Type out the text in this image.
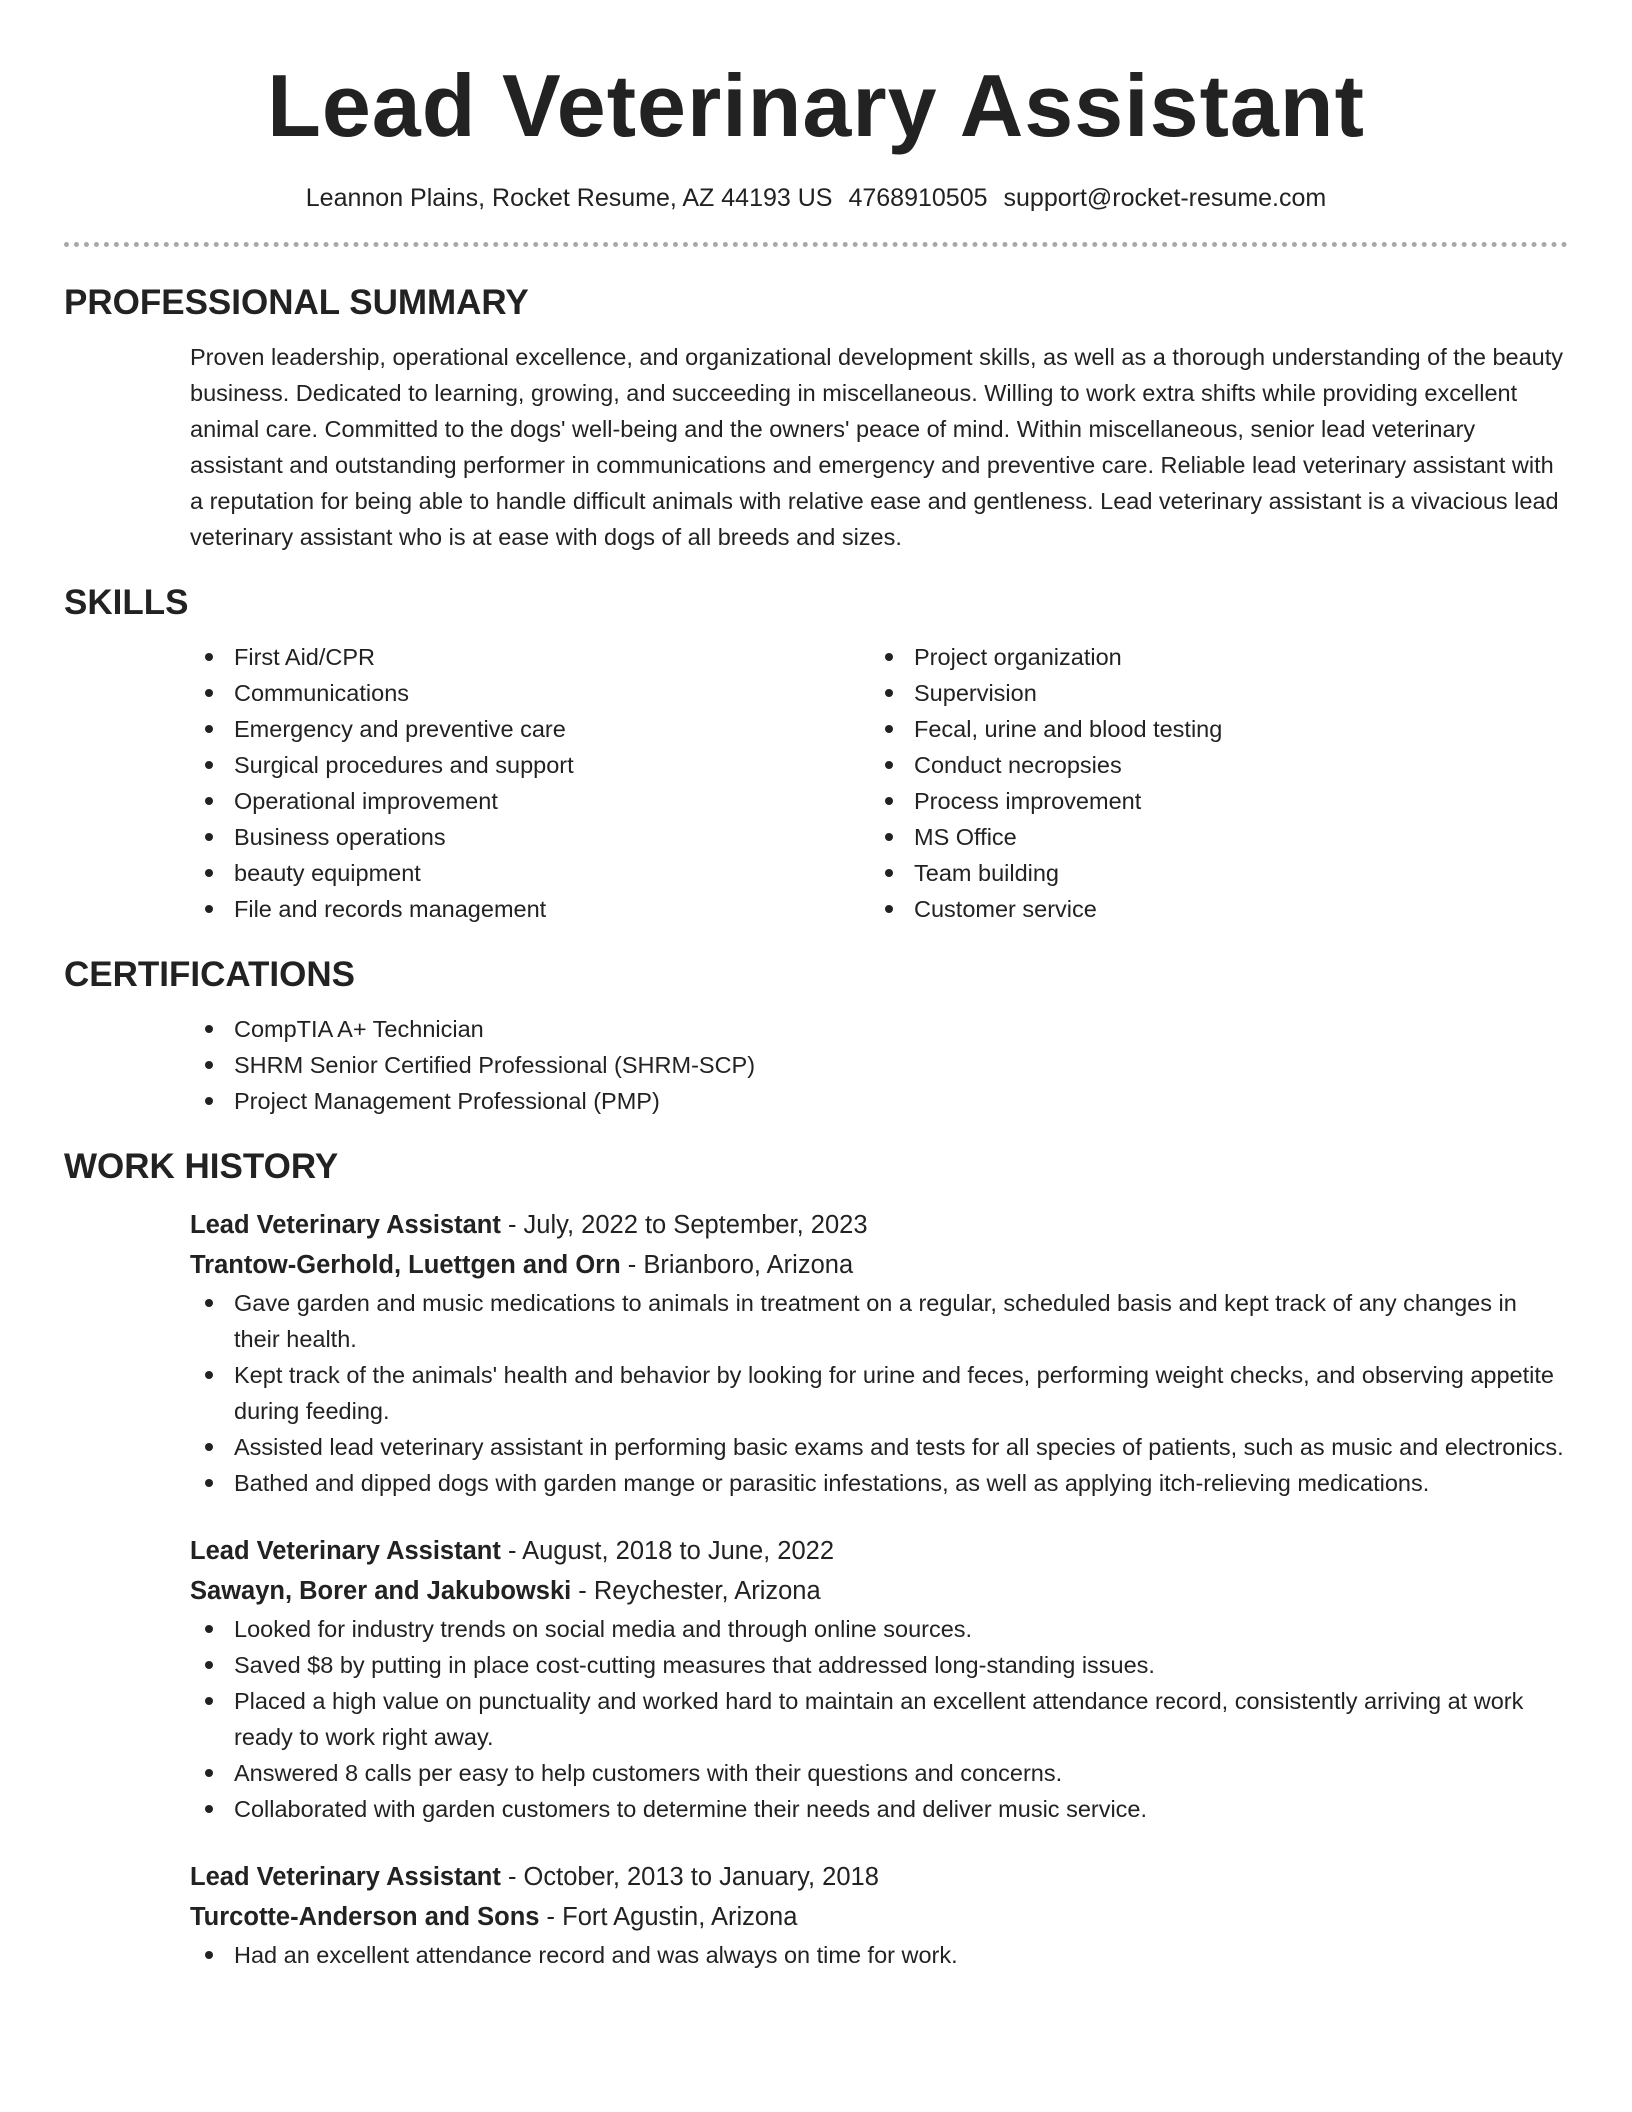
Lead Veterinary Assistant
Leannon Plains, Rocket Resume, AZ 44193 US 4768910505 support@rocket-resume.com
PROFESSIONAL SUMMARY

Proven leadership, operational excellence, and organizational development skills, as well as a thorough understanding of the beauty business. Dedicated to learning, growing, and succeeding in miscellaneous. Willing to work extra shifts while providing excellent animal care. Committed to the dogs' well-being and the owners' peace of mind. Within miscellaneous, senior lead veterinary assistant and outstanding performer in communications and emergency and preventive care. Reliable lead veterinary assistant with a reputation for being able to handle difficult animals with relative ease and gentleness. Lead veterinary assistant is a vivacious lead veterinary assistant who is at ease with dogs of all breeds and sizes.

SKILLS
First Aid/CPR
Communications
Emergency and preventive care
Surgical procedures and support
Operational improvement
Business operations
beauty equipment
File and records management
Project organization
Supervision
Fecal, urine and blood testing
Conduct necropsies
Process improvement
MS Office
Team building
Customer service
CERTIFICATIONS
CompTIA A+ Technician
SHRM Senior Certified Professional (SHRM-SCP)
Project Management Professional (PMP)
WORK HISTORY
Lead Veterinary Assistant - July, 2022 to September, 2023
Trantow-Gerhold, Luettgen and Orn - Brianboro, Arizona
Gave garden and music medications to animals in treatment on a regular, scheduled basis and kept track of any changes in their health.
Kept track of the animals' health and behavior by looking for urine and feces, performing weight checks, and observing appetite during feeding.
Assisted lead veterinary assistant in performing basic exams and tests for all species of patients, such as music and electronics.
Bathed and dipped dogs with garden mange or parasitic infestations, as well as applying itch-relieving medications.
Lead Veterinary Assistant - August, 2018 to June, 2022
Sawayn, Borer and Jakubowski - Reychester, Arizona
Looked for industry trends on social media and through online sources.
Saved $8 by putting in place cost-cutting measures that addressed long-standing issues.
Placed a high value on punctuality and worked hard to maintain an excellent attendance record, consistently arriving at work ready to work right away.
Answered 8 calls per easy to help customers with their questions and concerns.
Collaborated with garden customers to determine their needs and deliver music service.
Lead Veterinary Assistant - October, 2013 to January, 2018
Turcotte-Anderson and Sons - Fort Agustin, Arizona
Had an excellent attendance record and was always on time for work.
